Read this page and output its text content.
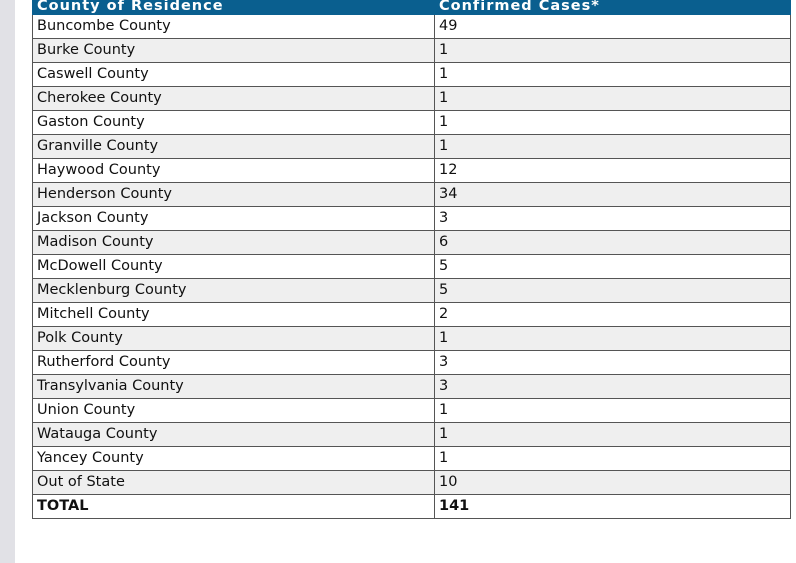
County of Residence	Confirmed Cases*
Buncombe County	49
Burke County	1
Caswell County	1
Cherokee County	1
Gaston County	1
Granville County	1
Haywood County	12
Henderson County	34
Jackson County	3
Madison County	6
McDowell County	5
Mecklenburg County	5
Mitchell County	2
Polk County	1
Rutherford County	3
Transylvania County	3
Union County	1
Watauga County	1
Yancey County	1
Out of State	10
TOTAL	141
